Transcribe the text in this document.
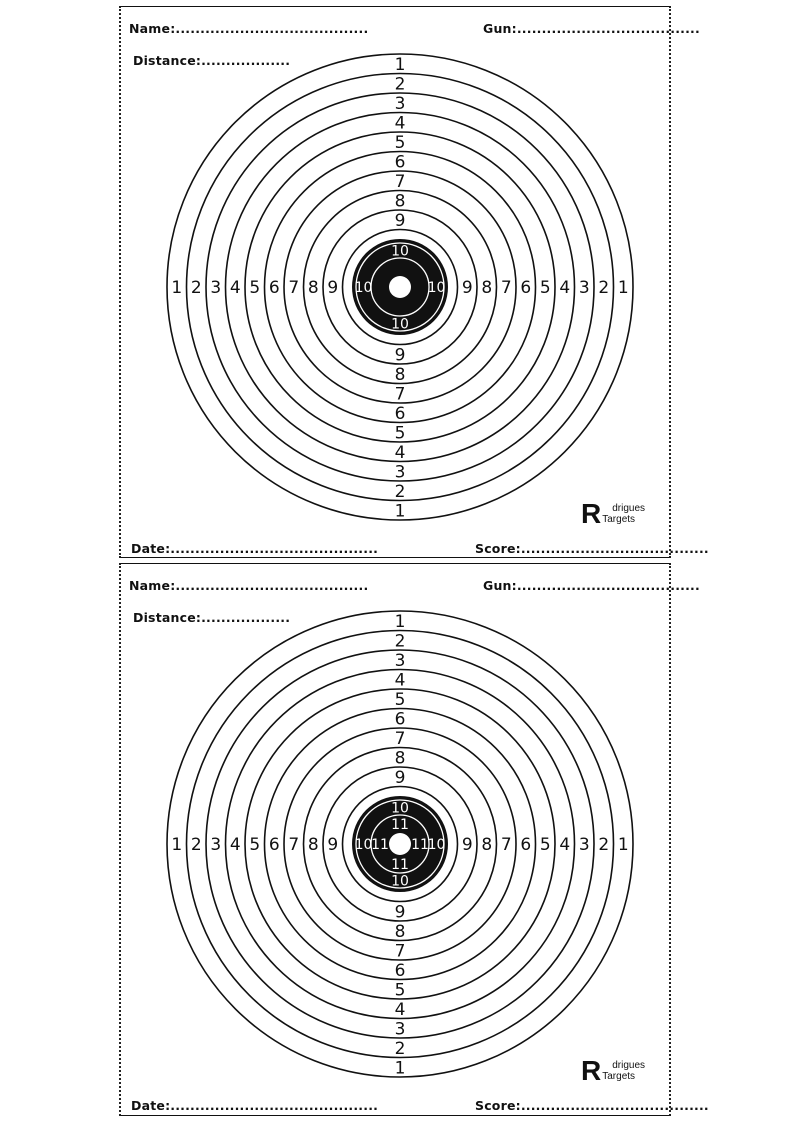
Name:.......................................	Gun:.....................................
Distance:..................
Date:..........................................	Score:......................................
R	drigues
Targets
1
1
1	1
2
2
2	2
3
3
3	3
4
4
4	4
5
5
5	5
6
6
6	6
7
7
7	7
8
8
8	8
9
9
9	9
10
10
10	10
Name:.......................................	Gun:.....................................
Distance:..................
Date:..........................................	Score:......................................
R	drigues
Targets
1
1
1	1
2
2
2	2
3
3
3	3
4
4
4	4
5
5
5	5
6
6
6	6
7
7
7	7
8
8
8	8
9
9
9	9
10
10
10	10
11
11
11 11
